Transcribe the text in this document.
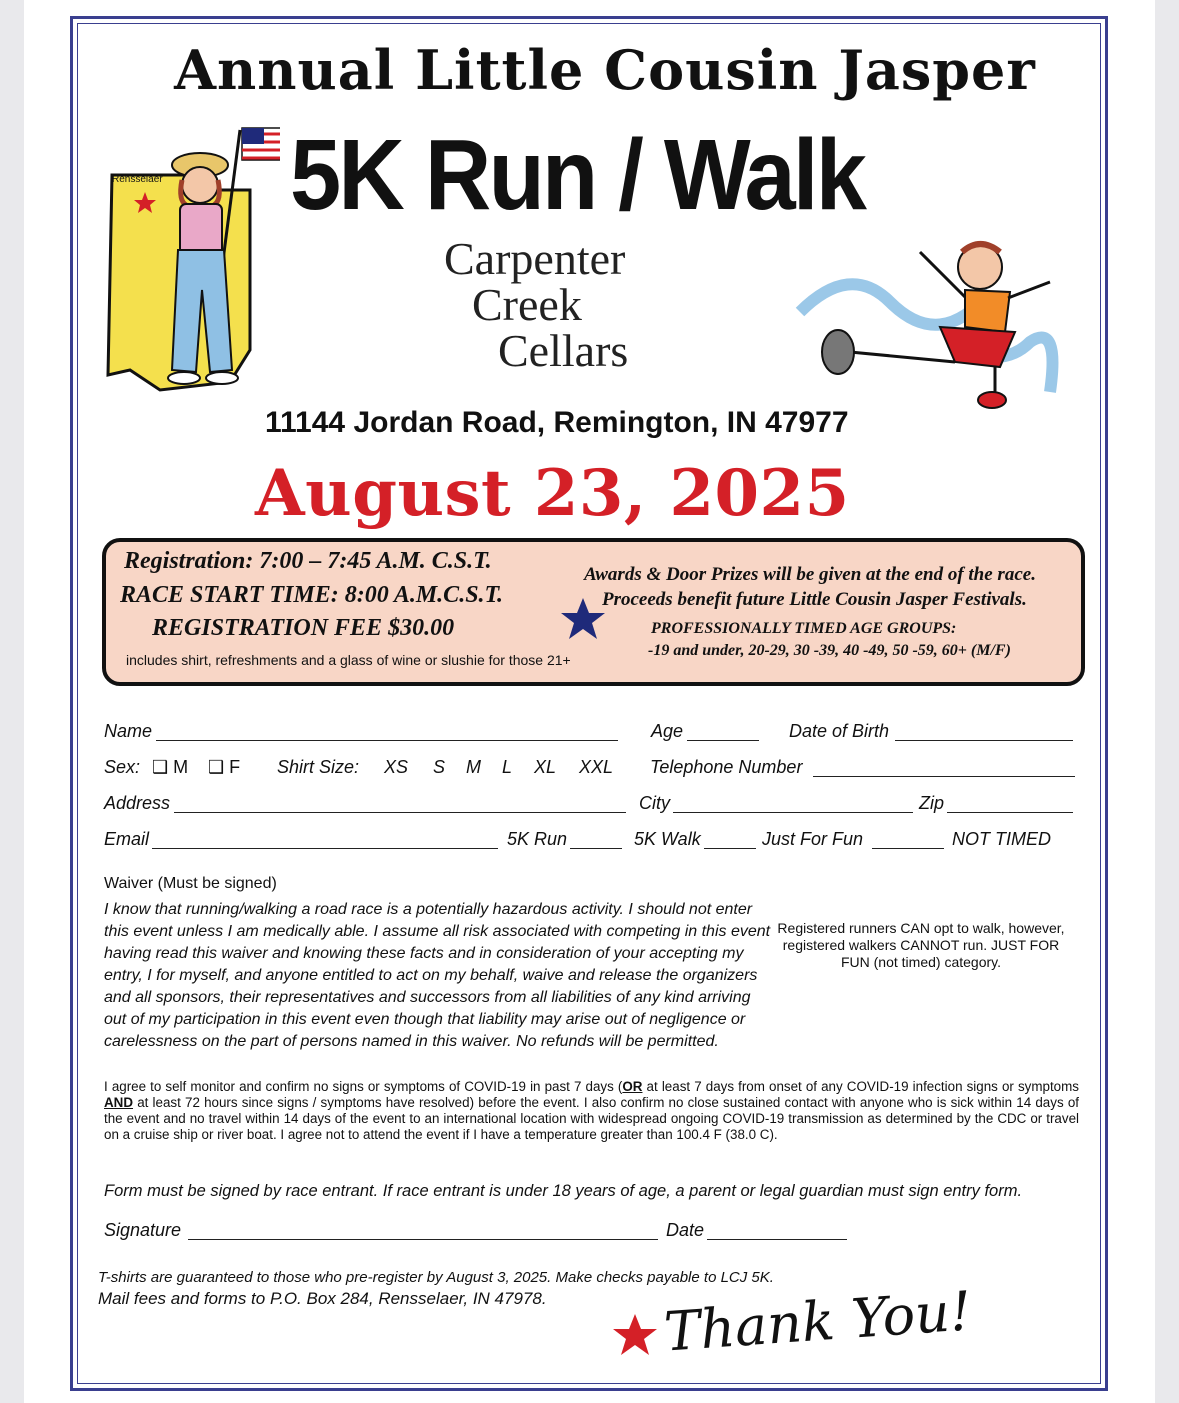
Annual Little Cousin Jasper
5K Run / Walk
Rensselaer
Carpenter
Creek
Cellars
11144 Jordan Road, Remington, IN 47977
August 23, 2025
Registration: 7:00 – 7:45 A.M. C.S.T.
RACE START TIME: 8:00 A.M.C.S.T.
REGISTRATION FEE $30.00
includes shirt, refreshments and a glass of wine or slushie for those 21+
Awards & Door Prizes will be given at the end of the race.
Proceeds benefit future Little Cousin Jasper Festivals.
PROFESSIONALLY TIMED AGE GROUPS:
-19 and under, 20-29, 30 -39, 40 -49, 50 -59, 60+ (M/F)
Name	Age	Date of Birth
Sex: ❑ M ❑ F Shirt Size: XS S M L XL XXL Telephone Number
Address	City	Zip
Email	5K Run	5K Walk	Just For Fun	NOT TIMED
Waiver (Must be signed)
I know that running/walking a road race is a potentially hazardous activity. I should not enter this event unless I am medically able. I assume all risk associated with competing in this event having read this waiver and knowing these facts and in consideration of your accepting my entry, I for myself, and anyone entitled to act on my behalf, waive and release the organizers and all sponsors, their representatives and successors from all liabilities of any kind arriving out of my participation in this event even though that liability may arise out of negligence or carelessness on the part of persons named in this waiver. No refunds will be permitted.
Registered runners CAN opt to walk, however, registered walkers CANNOT run. JUST FOR FUN (not timed) category.
I agree to self monitor and confirm no signs or symptoms of COVID-19 in past 7 days (OR at least 7 days from onset of any COVID-19 infection signs or symptoms AND at least 72 hours since signs / symptoms have resolved) before the event. I also confirm no close sustained contact with anyone who is sick within 14 days of the event and no travel within 14 days of the event to an international location with widespread ongoing COVID-19 transmission as determined by the CDC or travel on a cruise ship or river boat. I agree not to attend the event if I have a temperature greater than 100.4 F (38.0 C).
Form must be signed by race entrant. If race entrant is under 18 years of age, a parent or legal guardian must sign entry form.
Signature	Date
T-shirts are guaranteed to those who pre-register by August 3, 2025. Make checks payable to LCJ 5K.
Mail fees and forms to P.O. Box 284, Rensselaer, IN 47978. Thank You!
